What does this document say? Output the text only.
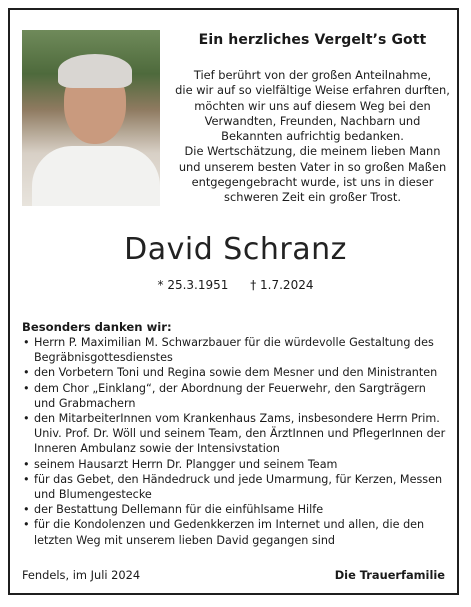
Ein herzliches Vergelt’s Gott

Tief berührt von der großen Anteilnahme,

die wir auf so vielfältige Weise erfahren durften,

möchten wir uns auf diesem Weg bei den

Verwandten, Freunden, Nachbarn und

Bekannten aufrichtig bedanken.

Die Wertschätzung, die meinem lieben Mann

und unserem besten Vater in so großen Maßen

entgegengebracht wurde, ist uns in dieser

schweren Zeit ein großer Trost.

David Schranz
* 25.3.1951 † 1.7.2024
Besonders danken wir:
• Herrn P. Maximilian M. Schwarzbauer für die würdevolle Gestaltung des Begräbnisgottesdienstes
• den Vorbetern Toni und Regina sowie dem Mesner und den Ministranten
• dem Chor „Einklang“, der Abordnung der Feuerwehr, den Sargträgern und Grabmachern
• den MitarbeiterInnen vom Krankenhaus Zams, insbesondere Herrn Prim. Univ. Prof. Dr. Wöll und seinem Team, den ÄrztInnen und PflegerInnen der Inneren Ambulanz sowie der Intensivstation
• seinem Hausarzt Herrn Dr. Plangger und seinem Team
• für das Gebet, den Händedruck und jede Umarmung, für Kerzen, Messen und Blumengestecke
• der Bestattung Dellemann für die einfühlsame Hilfe
• für die Kondolenzen und Gedenkkerzen im Internet und allen, die den letzten Weg mit unserem lieben David gegangen sind
Fendels, im Juli 2024	Die Trauerfamilie
